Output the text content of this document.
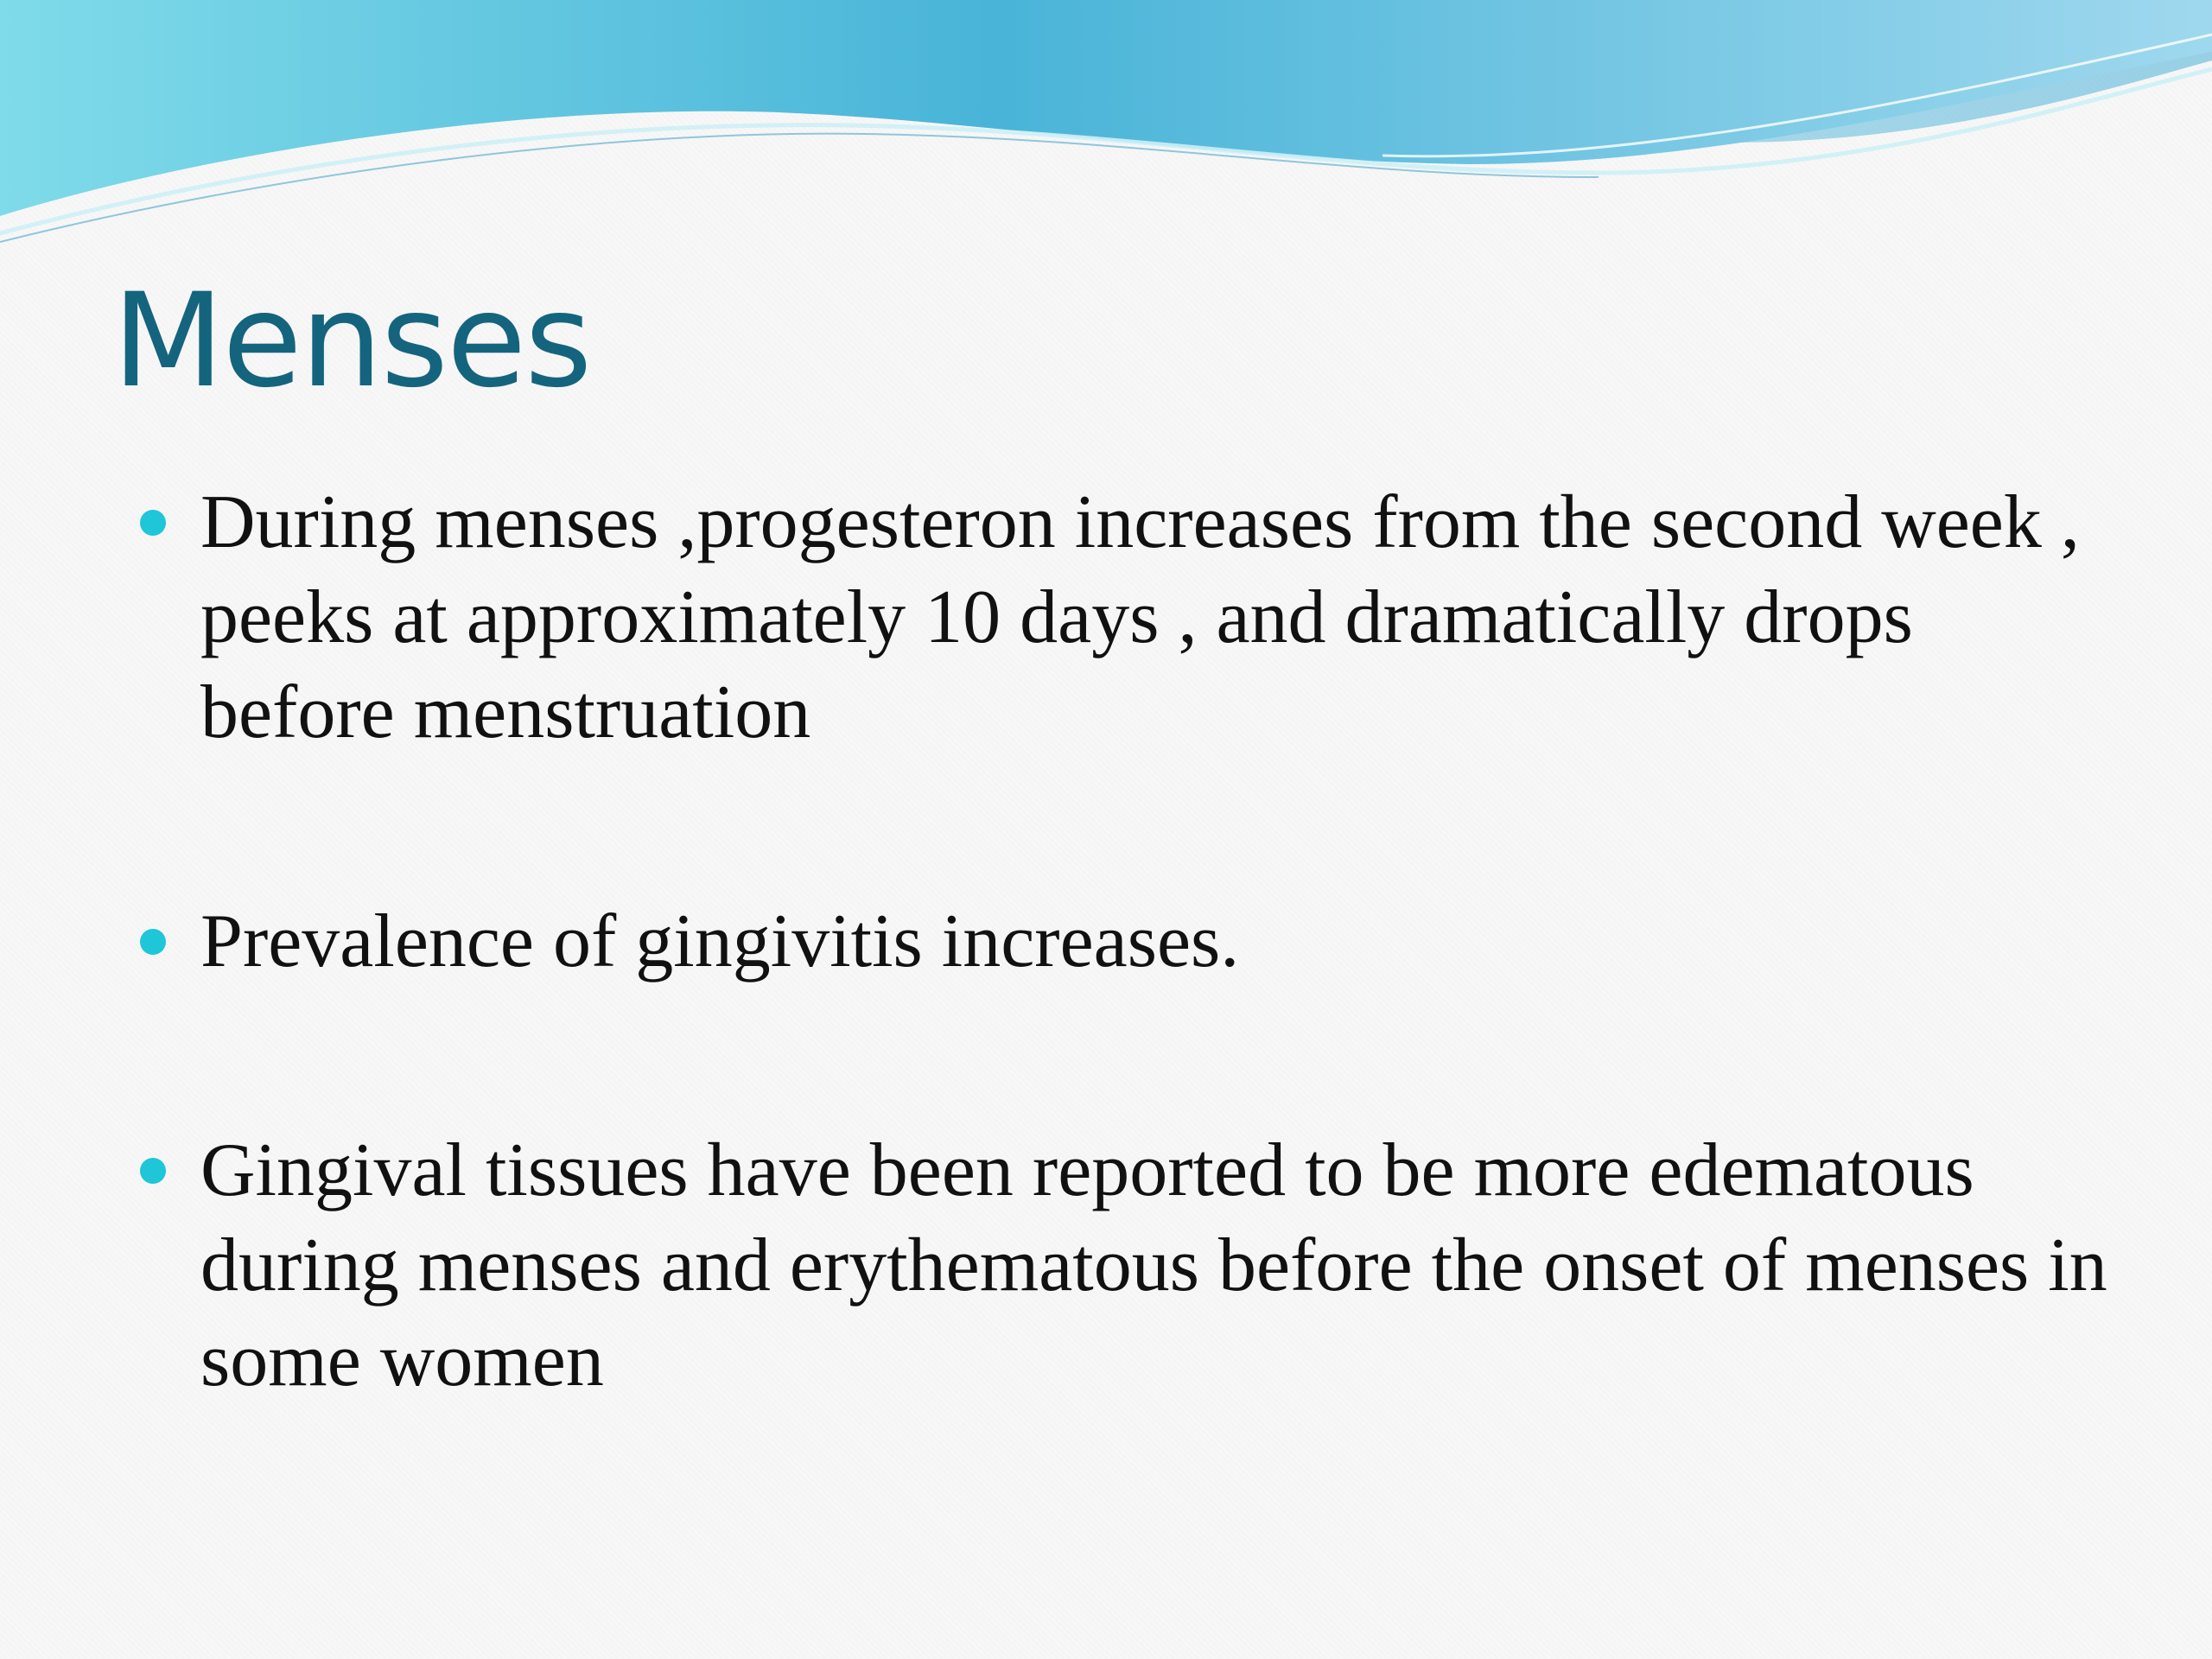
Menses
During menses ,progesteron increases from the second week , peeks at approximately 10 days , and dramatically drops before menstruation
Prevalence of gingivitis increases.
Gingival tissues have been reported to be more edematous during menses and erythematous before the onset of menses in some women
